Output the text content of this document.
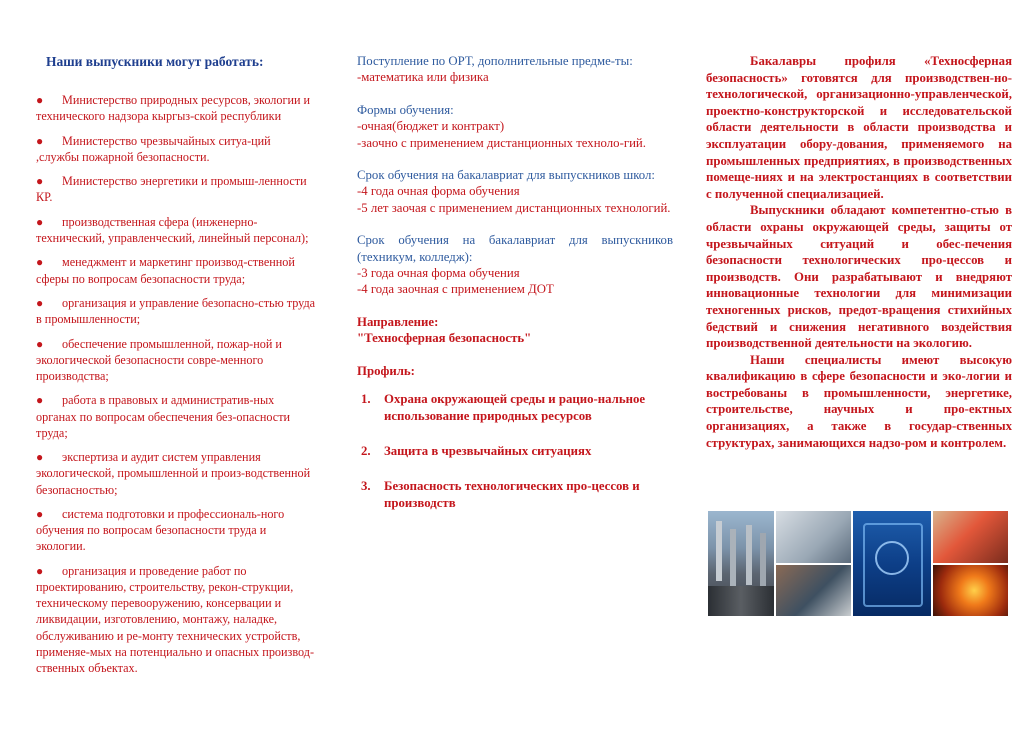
Наши выпускники могут работать:
●	Министерство природных ресурсов, экологии и технического надзора кыргыз-ской республики
●	Министерство чрезвычайных ситуа-ций ,службы пожарной безопасности.
●	Министерство энергетики и промыш-ленности КР.
●	производственная сфера (инженерно-технический, управленческий, линейный персонал);
●	менеджмент и маркетинг производ-ственной сферы по вопросам безопасности труда;
●	организация и управление безопасно-стью труда в промышленности;
●	обеспечение промышленной, пожар-ной и экологической безопасности совре-менного производства;
●	работа в правовых и административ-ных органах по вопросам обеспечения без-опасности труда;
●	экспертиза и аудит систем управления экологической, промышленной и произ-водственной безопасностью;
●	система подготовки и профессиональ-ного обучения по вопросам безопасности труда и экологии.
●	организация и проведение работ по проектированию, строительству, рекон-струкции, техническому перевооружению, консервации и ликвидации, изготовлению, монтажу, наладке, обслуживанию и ре-монту технических устройств, применяе-мых на потенциально и опасных производ-ственных объектах.

Поступление по ОРТ, дополнительные предме-ты:

-математика или физика

Формы обучения:

-очная(бюджет и контракт)

-заочно с применением дистанционных техноло-гий.

Срок обучения на бакалавриат для выпускников школ:

-4 года очная форма обучения

-5 лет заочая с применением дистанционных технологий.

Срок обучения на бакалавриат для выпускников (техникум, колледж):

-3 года очная форма обучения

-4 года заочная с применением ДОТ

Направление:

"Техносферная безопасность"

Профиль:

1. Охрана окружающей среды и рацио-нальное использование природных ресурсов
2. Защита в чрезвычайных ситуациях
3. Безопасность технологических про-цессов и производств

Бакалавры профиля «Техносферная безопасность» готовятся для производствен-но-технологической, организационно-управленческой, проектно-конструкторской и исследовательской области деятельности в области производства и эксплуатации обору-дования, применяемого на промышленных предприятиях, в производственных помеще-ниях и на электростанциях в соответствии с полученной специализацией.

Выпускники обладают компетентно-стью в области охраны окружающей среды, защиты от чрезвычайных ситуаций и обес-печения безопасности технологических про-цессов и производств. Они разрабатывают и внедряют инновационные технологии для минимизации техногенных рисков, предот-вращения стихийных бедствий и снижения негативного воздействия производственной деятельности на экологию.

Наши специалисты имеют высокую квалификацию в сфере безопасности и эко-логии и востребованы в промышленности, энергетике, строительстве, научных и про-ектных организациях, а также в государ-ственных структурах, занимающихся надзо-ром и контролем.
